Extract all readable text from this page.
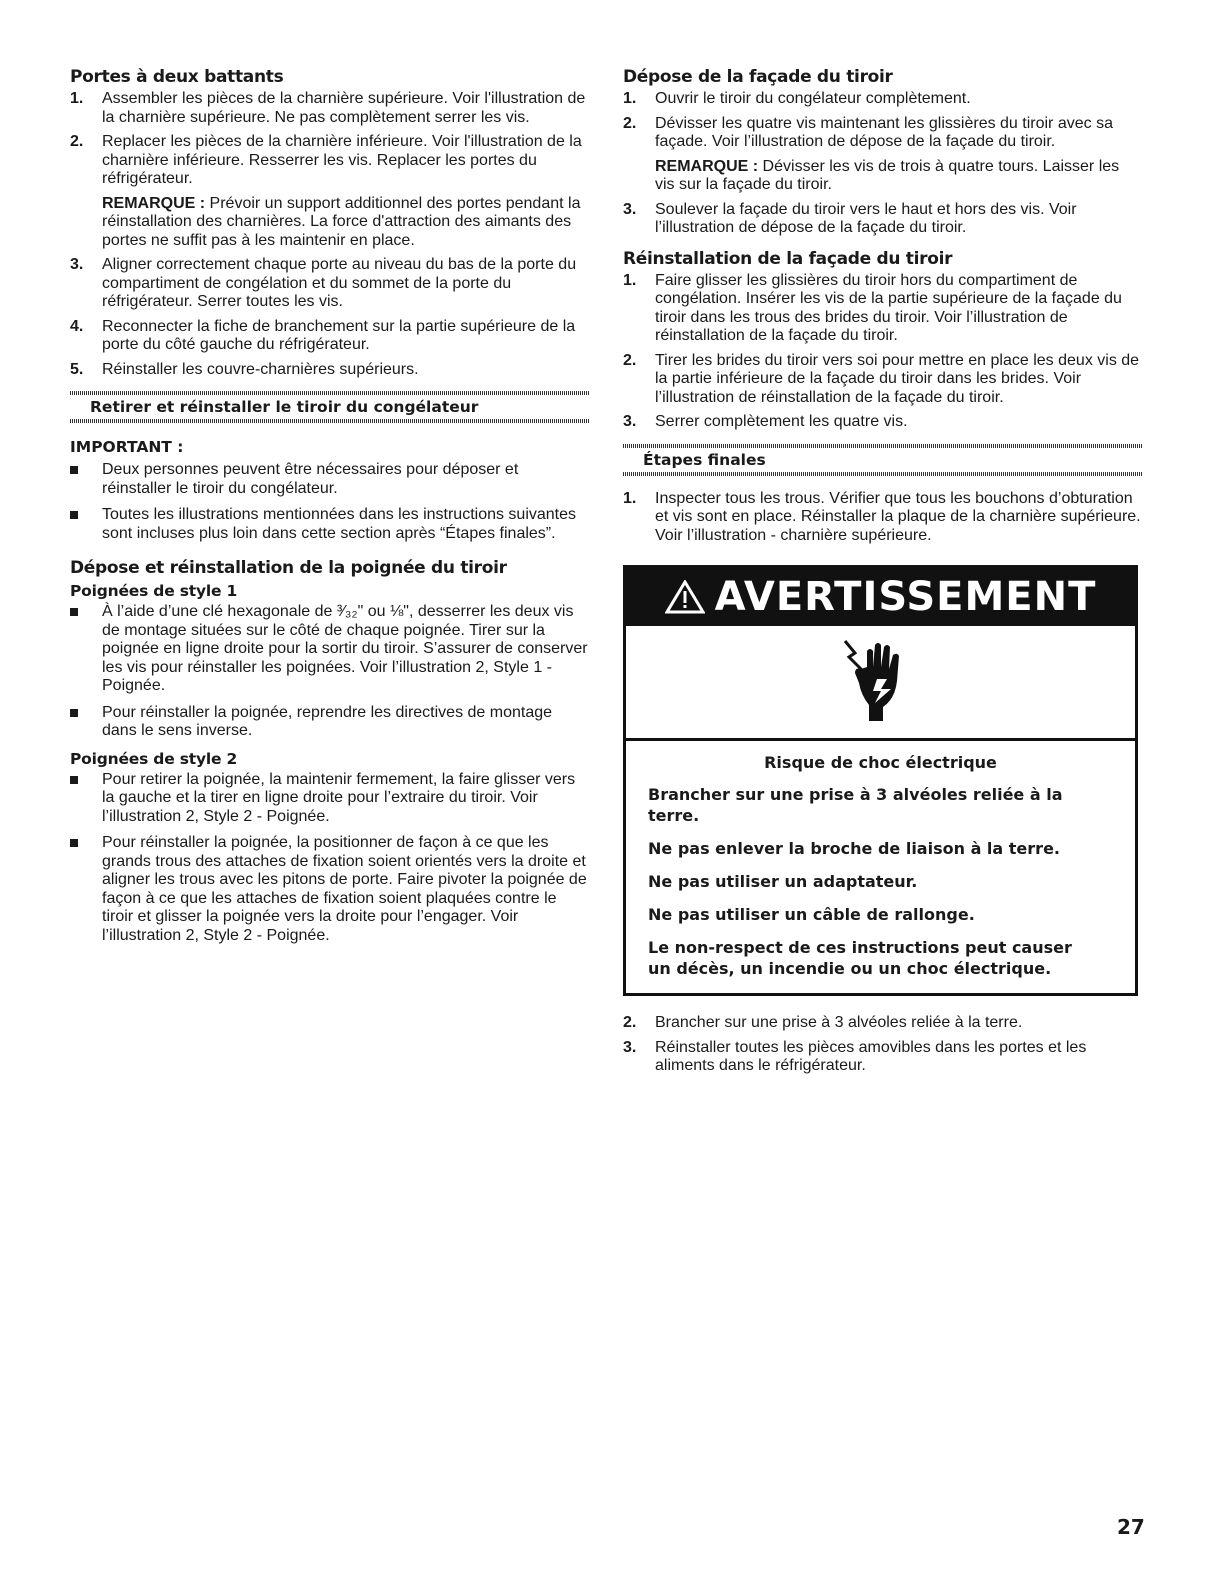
Portes à deux battants
1. Assembler les pièces de la charnière supérieure. Voir l'illustration de la charnière supérieure. Ne pas complètement serrer les vis.
2. Replacer les pièces de la charnière inférieure. Voir l'illustration de la charnière inférieure. Resserrer les vis. Replacer les portes du réfrigérateur.
REMARQUE : Prévoir un support additionnel des portes pendant la réinstallation des charnières. La force d'attraction des aimants des portes ne suffit pas à les maintenir en place.
3. Aligner correctement chaque porte au niveau du bas de la porte du compartiment de congélation et du sommet de la porte du réfrigérateur. Serrer toutes les vis.
4. Reconnecter la fiche de branchement sur la partie supérieure de la porte du côté gauche du réfrigérateur.
5. Réinstaller les couvre-charnières supérieurs.
Retirer et réinstaller le tiroir du congélateur
IMPORTANT :
Deux personnes peuvent être nécessaires pour déposer et réinstaller le tiroir du congélateur.
Toutes les illustrations mentionnées dans les instructions suivantes sont incluses plus loin dans cette section après “Étapes finales”.
Dépose et réinstallation de la poignée du tiroir
Poignées de style 1
À l’aide d’une clé hexagonale de ³⁄₃₂" ou ⅛", desserrer les deux vis de montage situées sur le côté de chaque poignée. Tirer sur la poignée en ligne droite pour la sortir du tiroir. S’assurer de conserver les vis pour réinstaller les poignées. Voir l’illustration 2, Style 1 - Poignée.
Pour réinstaller la poignée, reprendre les directives de montage dans le sens inverse.
Poignées de style 2
Pour retirer la poignée, la maintenir fermement, la faire glisser vers la gauche et la tirer en ligne droite pour l’extraire du tiroir. Voir l’illustration 2, Style 2 - Poignée.
Pour réinstaller la poignée, la positionner de façon à ce que les grands trous des attaches de fixation soient orientés vers la droite et aligner les trous avec les pitons de porte. Faire pivoter la poignée de façon à ce que les attaches de fixation soient plaquées contre le tiroir et glisser la poignée vers la droite pour l’engager. Voir l’illustration 2, Style 2 - Poignée.
Dépose de la façade du tiroir
1. Ouvrir le tiroir du congélateur complètement.
2. Dévisser les quatre vis maintenant les glissières du tiroir avec sa façade. Voir l’illustration de dépose de la façade du tiroir.
REMARQUE : Dévisser les vis de trois à quatre tours. Laisser les vis sur la façade du tiroir.
3. Soulever la façade du tiroir vers le haut et hors des vis. Voir l’illustration de dépose de la façade du tiroir.
Réinstallation de la façade du tiroir
1. Faire glisser les glissières du tiroir hors du compartiment de congélation. Insérer les vis de la partie supérieure de la façade du tiroir dans les trous des brides du tiroir. Voir l’illustration de réinstallation de la façade du tiroir.
2. Tirer les brides du tiroir vers soi pour mettre en place les deux vis de la partie inférieure de la façade du tiroir dans les brides. Voir l’illustration de réinstallation de la façade du tiroir.
3. Serrer complètement les quatre vis.
Étapes finales
1. Inspecter tous les trous. Vérifier que tous les bouchons d’obturation et vis sont en place. Réinstaller la plaque de la charnière supérieure. Voir l’illustration - charnière supérieure.
AVERTISSEMENT
Risque de choc électrique

Brancher sur une prise à 3 alvéoles reliée à la terre.

Ne pas enlever la broche de liaison à la terre.

Ne pas utiliser un adaptateur.

Ne pas utiliser un câble de rallonge.

Le non-respect de ces instructions peut causer
un décès, un incendie ou un choc électrique.

2. Brancher sur une prise à 3 alvéoles reliée à la terre.
3. Réinstaller toutes les pièces amovibles dans les portes et les aliments dans le réfrigérateur.
27
